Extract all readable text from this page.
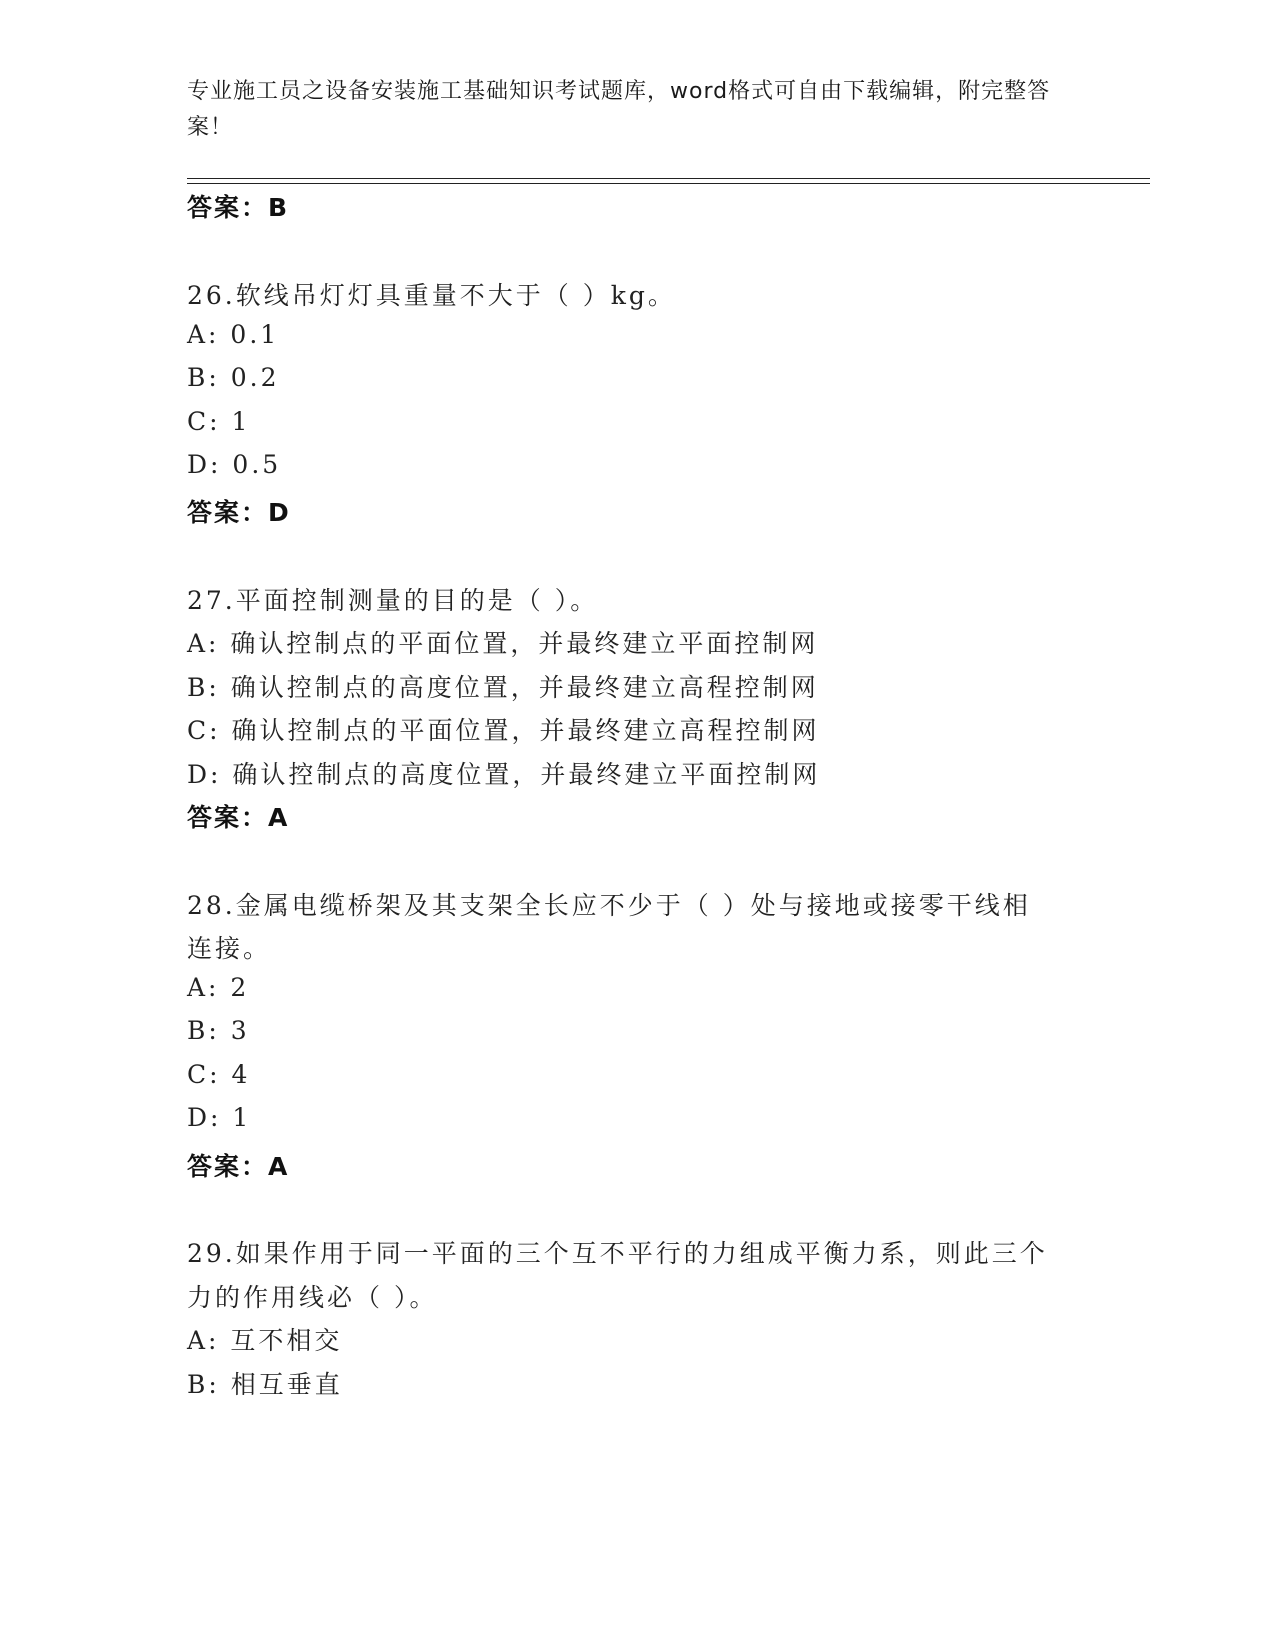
专业施工员之设备安装施工基础知识考试题库，word格式可自由下载编辑，附完整答案！
答案：B
26.软线吊灯灯具重量不大于（ ）kg。
A: 0.1
B: 0.2
C: 1
D: 0.5
答案：D
27.平面控制测量的目的是（ ）。
A: 确认控制点的平面位置，并最终建立平面控制网
B: 确认控制点的高度位置，并最终建立高程控制网
C: 确认控制点的平面位置，并最终建立高程控制网
D: 确认控制点的高度位置，并最终建立平面控制网
答案：A
28.金属电缆桥架及其支架全长应不少于（ ）处与接地或接零干线相
连接。
A: 2
B: 3
C: 4
D: 1
答案：A
29.如果作用于同一平面的三个互不平行的力组成平衡力系，则此三个
力的作用线必（ ）。
A: 互不相交
B: 相互垂直
